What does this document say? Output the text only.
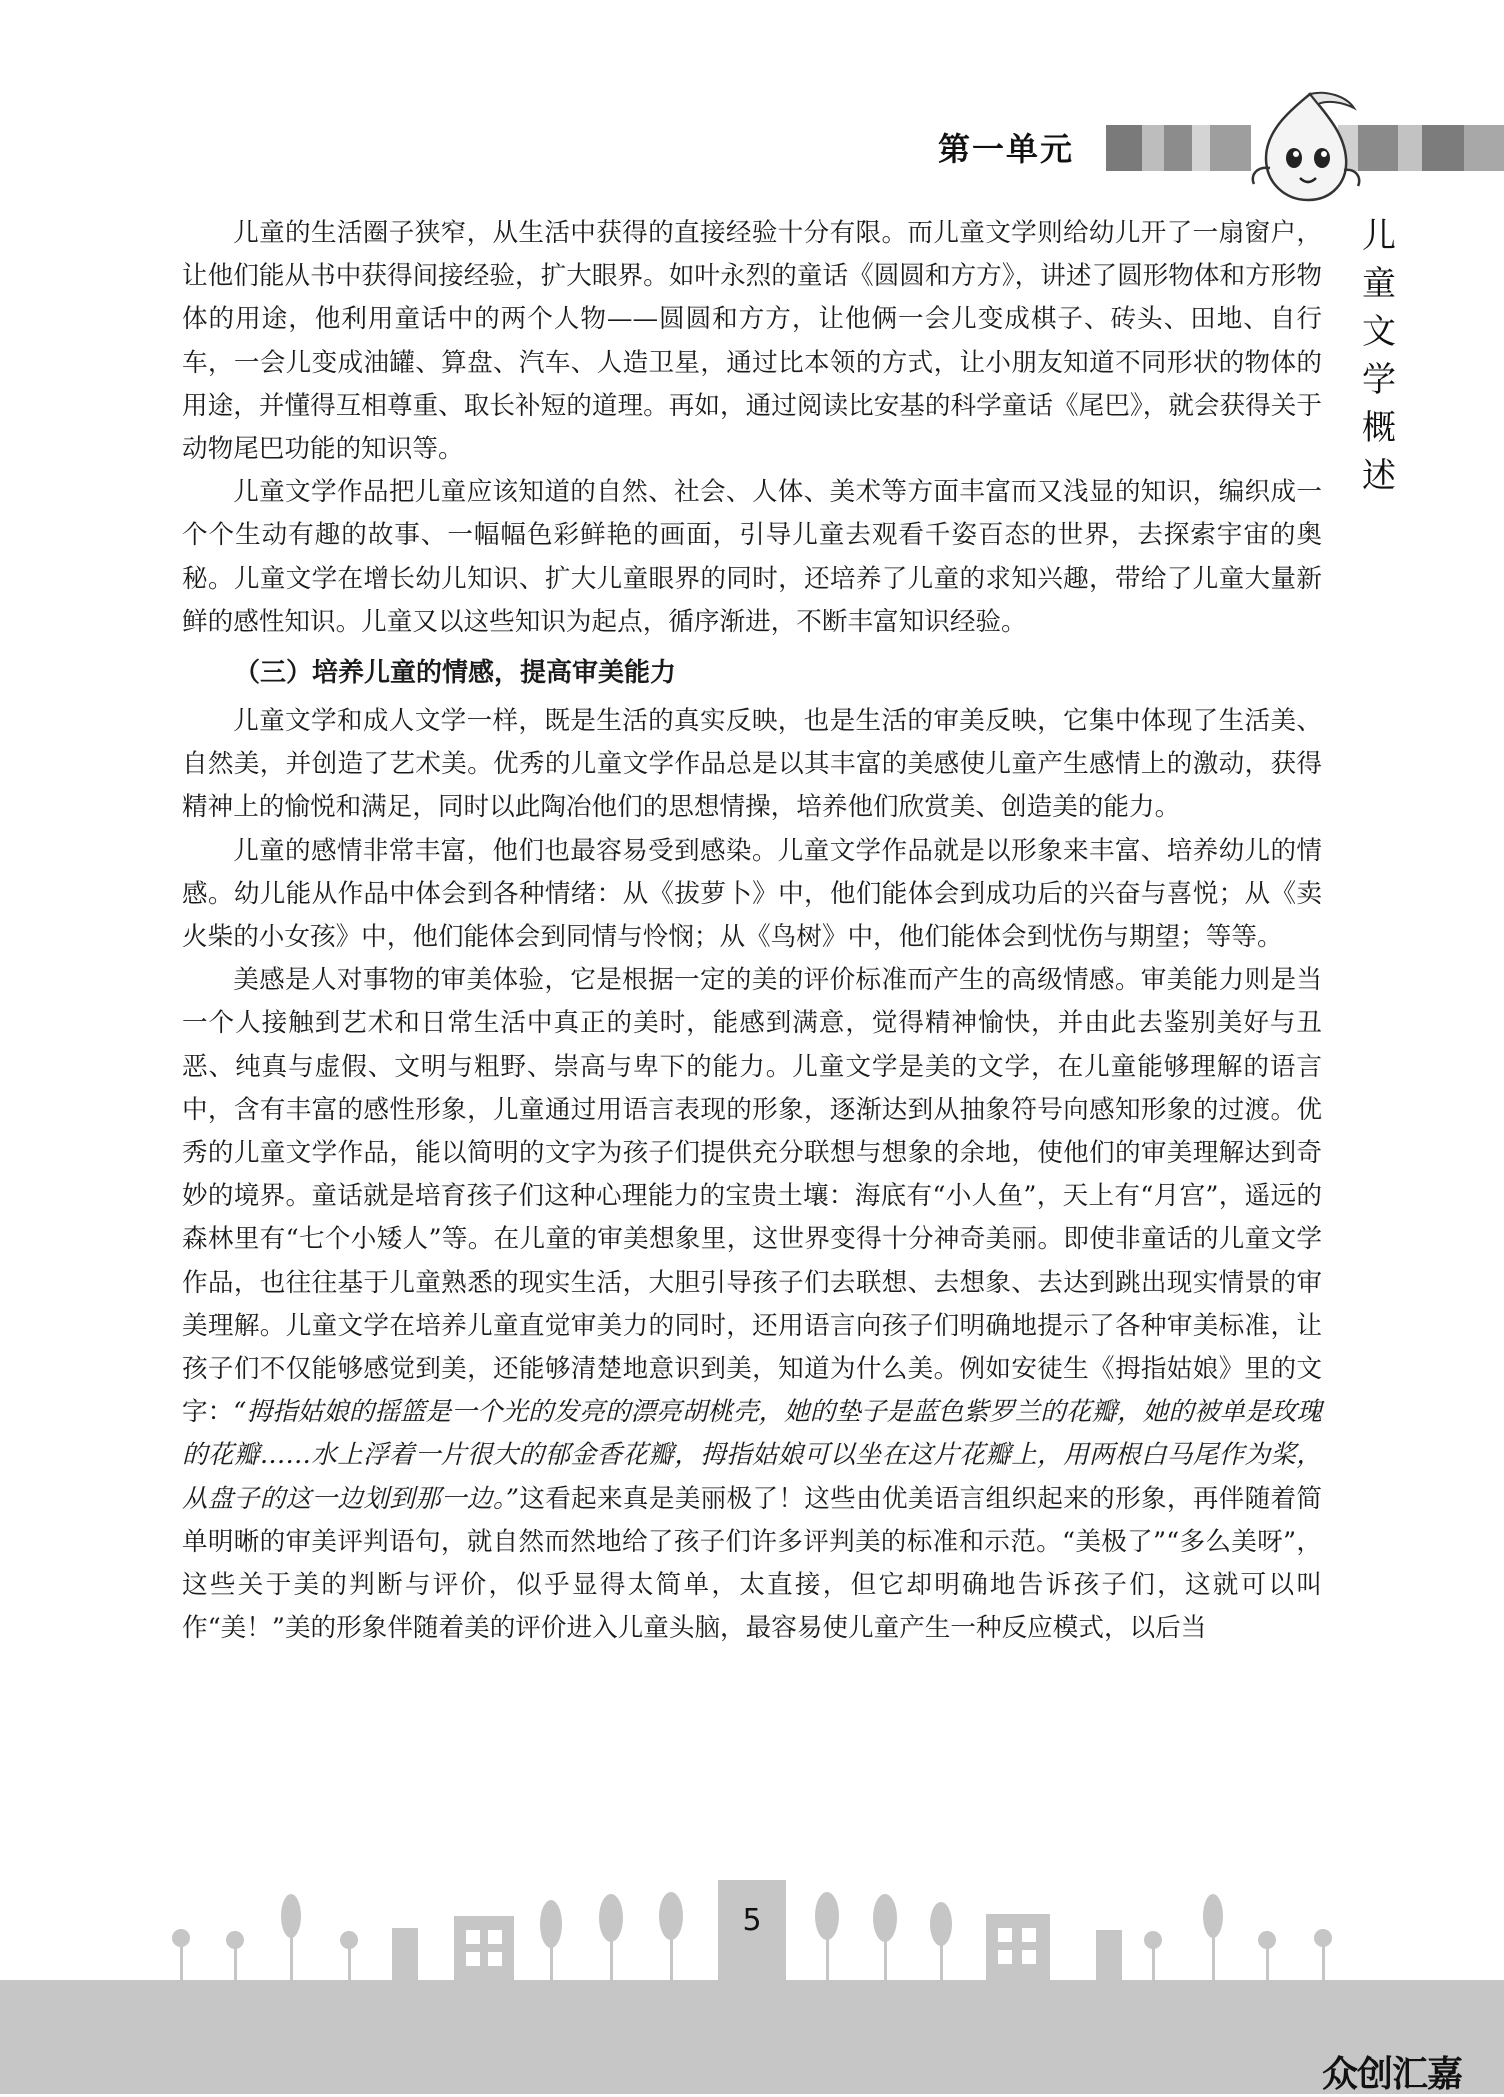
第一单元
儿
童
文
学
概
述

儿童的生活圈子狭窄，从生活中获得的直接经验十分有限。而儿童文学则给幼儿开了一扇窗户，让他们能从书中获得间接经验，扩大眼界。如叶永烈的童话《圆圆和方方》，讲述了圆形物体和方形物体的用途，他利用童话中的两个人物——圆圆和方方，让他俩一会儿变成棋子、砖头、田地、自行车，一会儿变成油罐、算盘、汽车、人造卫星，通过比本领的方式，让小朋友知道不同形状的物体的用途，并懂得互相尊重、取长补短的道理。再如，通过阅读比安基的科学童话《尾巴》，就会获得关于动物尾巴功能的知识等。

儿童文学作品把儿童应该知道的自然、社会、人体、美术等方面丰富而又浅显的知识，编织成一个个生动有趣的故事、一幅幅色彩鲜艳的画面，引导儿童去观看千姿百态的世界，去探索宇宙的奥秘。儿童文学在增长幼儿知识、扩大儿童眼界的同时，还培养了儿童的求知兴趣，带给了儿童大量新鲜的感性知识。儿童又以这些知识为起点，循序渐进，不断丰富知识经验。

（三）培养儿童的情感，提高审美能力

儿童文学和成人文学一样，既是生活的真实反映，也是生活的审美反映，它集中体现了生活美、自然美，并创造了艺术美。优秀的儿童文学作品总是以其丰富的美感使儿童产生感情上的激动，获得精神上的愉悦和满足，同时以此陶冶他们的思想情操，培养他们欣赏美、创造美的能力。

儿童的感情非常丰富，他们也最容易受到感染。儿童文学作品就是以形象来丰富、培养幼儿的情感。幼儿能从作品中体会到各种情绪：从《拔萝卜》中，他们能体会到成功后的兴奋与喜悦；从《卖火柴的小女孩》中，他们能体会到同情与怜悯；从《鸟树》中，他们能体会到忧伤与期望；等等。

美感是人对事物的审美体验，它是根据一定的美的评价标准而产生的高级情感。审美能力则是当一个人接触到艺术和日常生活中真正的美时，能感到满意，觉得精神愉快，并由此去鉴别美好与丑恶、纯真与虚假、文明与粗野、崇高与卑下的能力。儿童文学是美的文学，在儿童能够理解的语言中，含有丰富的感性形象，儿童通过用语言表现的形象，逐渐达到从抽象符号向感知形象的过渡。优秀的儿童文学作品，能以简明的文字为孩子们提供充分联想与想象的余地，使他们的审美理解达到奇妙的境界。童话就是培育孩子们这种心理能力的宝贵土壤：海底有“小人鱼”，天上有“月宫”，遥远的森林里有“七个小矮人”等。在儿童的审美想象里，这世界变得十分神奇美丽。即使非童话的儿童文学作品，也往往基于儿童熟悉的现实生活，大胆引导孩子们去联想、去想象、去达到跳出现实情景的审美理解。儿童文学在培养儿童直觉审美力的同时，还用语言向孩子们明确地提示了各种审美标准，让孩子们不仅能够感觉到美，还能够清楚地意识到美，知道为什么美。例如安徒生《拇指姑娘》里的文字：“拇指姑娘的摇篮是一个光的发亮的漂亮胡桃壳，她的垫子是蓝色紫罗兰的花瓣，她的被单是玫瑰的花瓣……水上浮着一片很大的郁金香花瓣，拇指姑娘可以坐在这片花瓣上，用两根白马尾作为桨，从盘子的这一边划到那一边。”这看起来真是美丽极了！这些由优美语言组织起来的形象，再伴随着简单明晰的审美评判语句，就自然而然地给了孩子们许多评判美的标准和示范。“美极了”“多么美呀”，这些关于美的判断与评价，似乎显得太简单，太直接，但它却明确地告诉孩子们，这就可以叫作“美！”美的形象伴随着美的评价进入儿童头脑，最容易使儿童产生一种反应模式，以后当

5
众创汇嘉
